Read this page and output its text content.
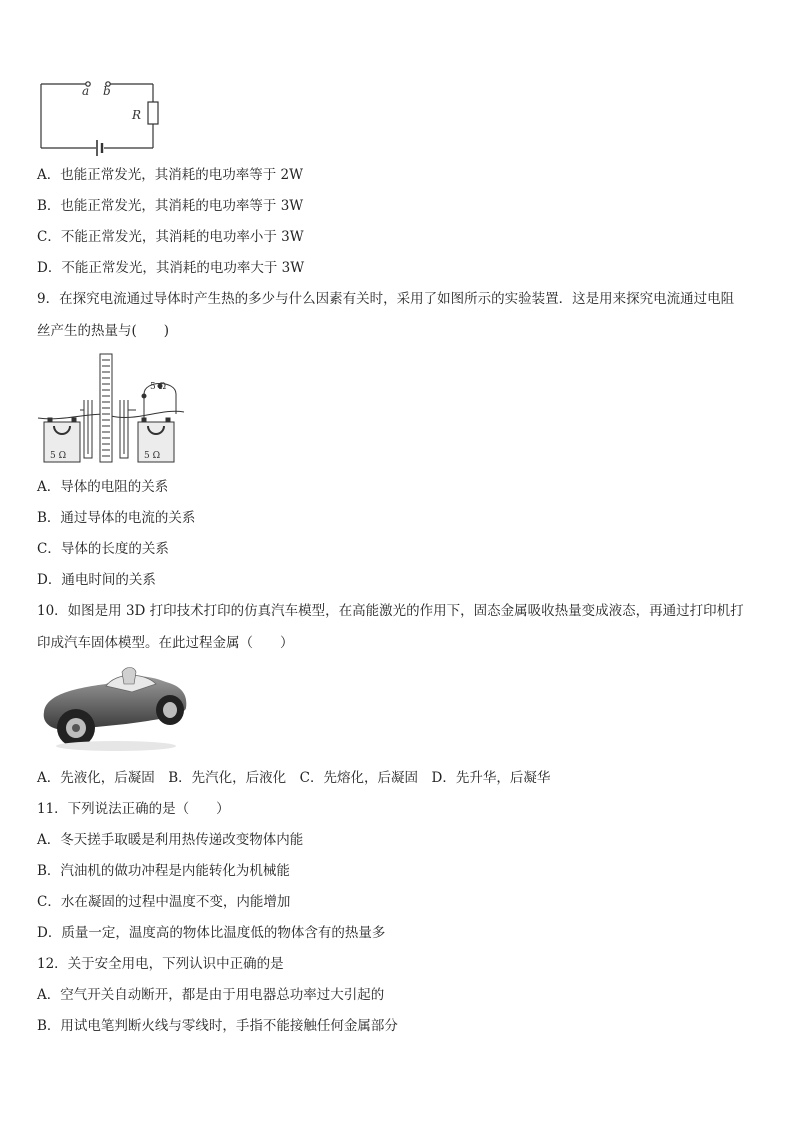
a b
R
A．也能正常发光，其消耗的电功率等于 2W
B．也能正常发光，其消耗的电功率等于 3W
C．不能正常发光，其消耗的电功率小于 3W
D．不能正常发光，其消耗的电功率大于 3W
9．在探究电流通过导体时产生热的多少与什么因素有关时，采用了如图所示的实验装置．这是用来探究电流通过电阻
丝产生的热量与(　　)
5 Ω	5 Ω
5 Ω
A．导体的电阻的关系
B．通过导体的电流的关系
C．导体的长度的关系
D．通电时间的关系
10．如图是用 3D 打印技术打印的仿真汽车模型，在高能激光的作用下，固态金属吸收热量变成液态，再通过打印机打
印成汽车固体模型。在此过程金属（　　）
A．先液化，后凝固　B．先汽化，后液化　C．先熔化，后凝固　D．先升华，后凝华
11．下列说法正确的是（　　）
A．冬天搓手取暖是利用热传递改变物体内能
B．汽油机的做功冲程是内能转化为机械能
C．水在凝固的过程中温度不变，内能增加
D．质量一定，温度高的物体比温度低的物体含有的热量多
12．关于安全用电，下列认识中正确的是
A．空气开关自动断开，都是由于用电器总功率过大引起的
B．用试电笔判断火线与零线时，手指不能接触任何金属部分
